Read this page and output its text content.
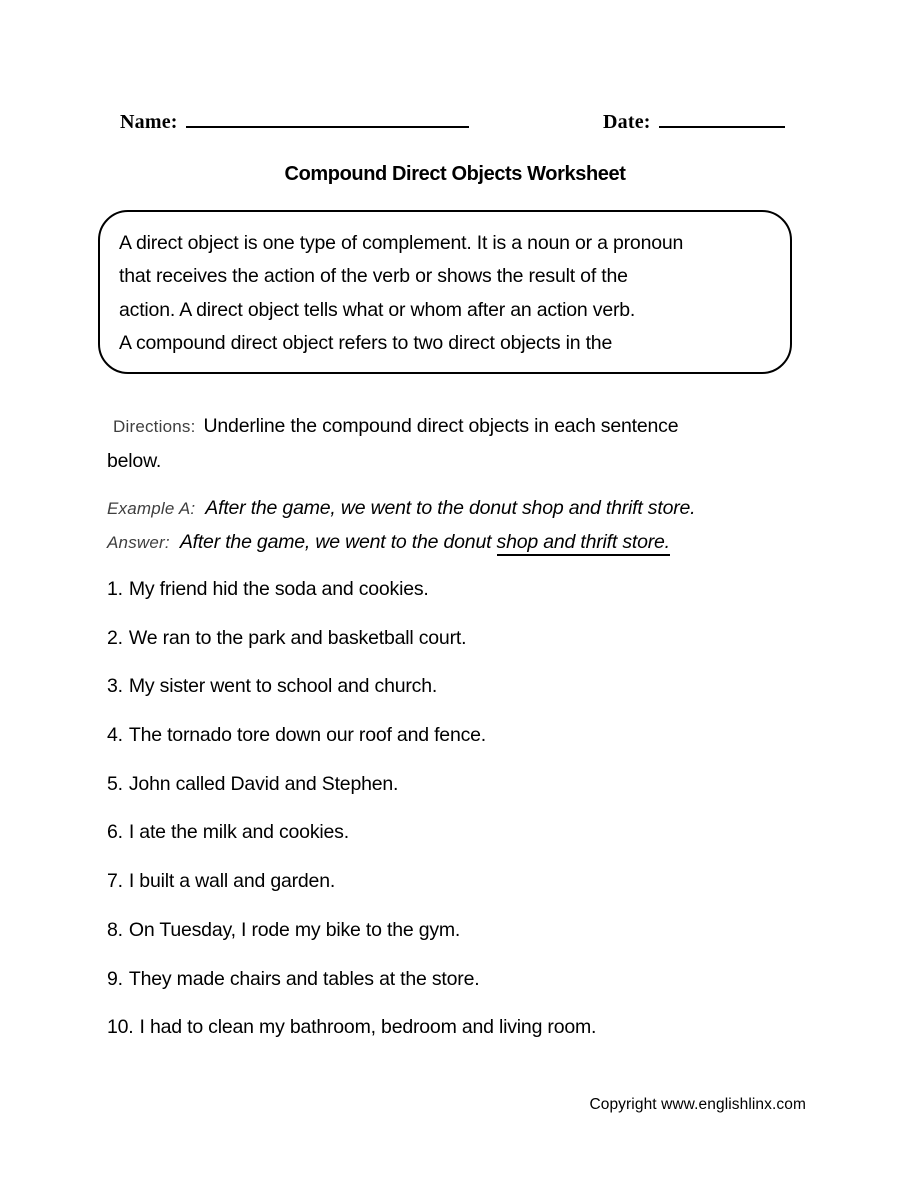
Name:	Date:
Compound Direct Objects Worksheet
A direct object is one type of complement. It is a noun or a pronoun
that receives the action of the verb or shows the result of the
action. A direct object tells what or whom after an action verb.
A compound direct object refers to two direct objects in the
Directions: Underline the compound direct objects in each sentence
below.
Example A: After the game, we went to the donut shop and thrift store.
Answer: After the game, we went to the donut shop and thrift store.
1. My friend hid the soda and cookies.
2. We ran to the park and basketball court.
3. My sister went to school and church.
4. The tornado tore down our roof and fence.
5. John called David and Stephen.
6. I ate the milk and cookies.
7. I built a wall and garden.
8. On Tuesday, I rode my bike to the gym.
9. They made chairs and tables at the store.
10. I had to clean my bathroom, bedroom and living room.
Copyright www.englishlinx.com
